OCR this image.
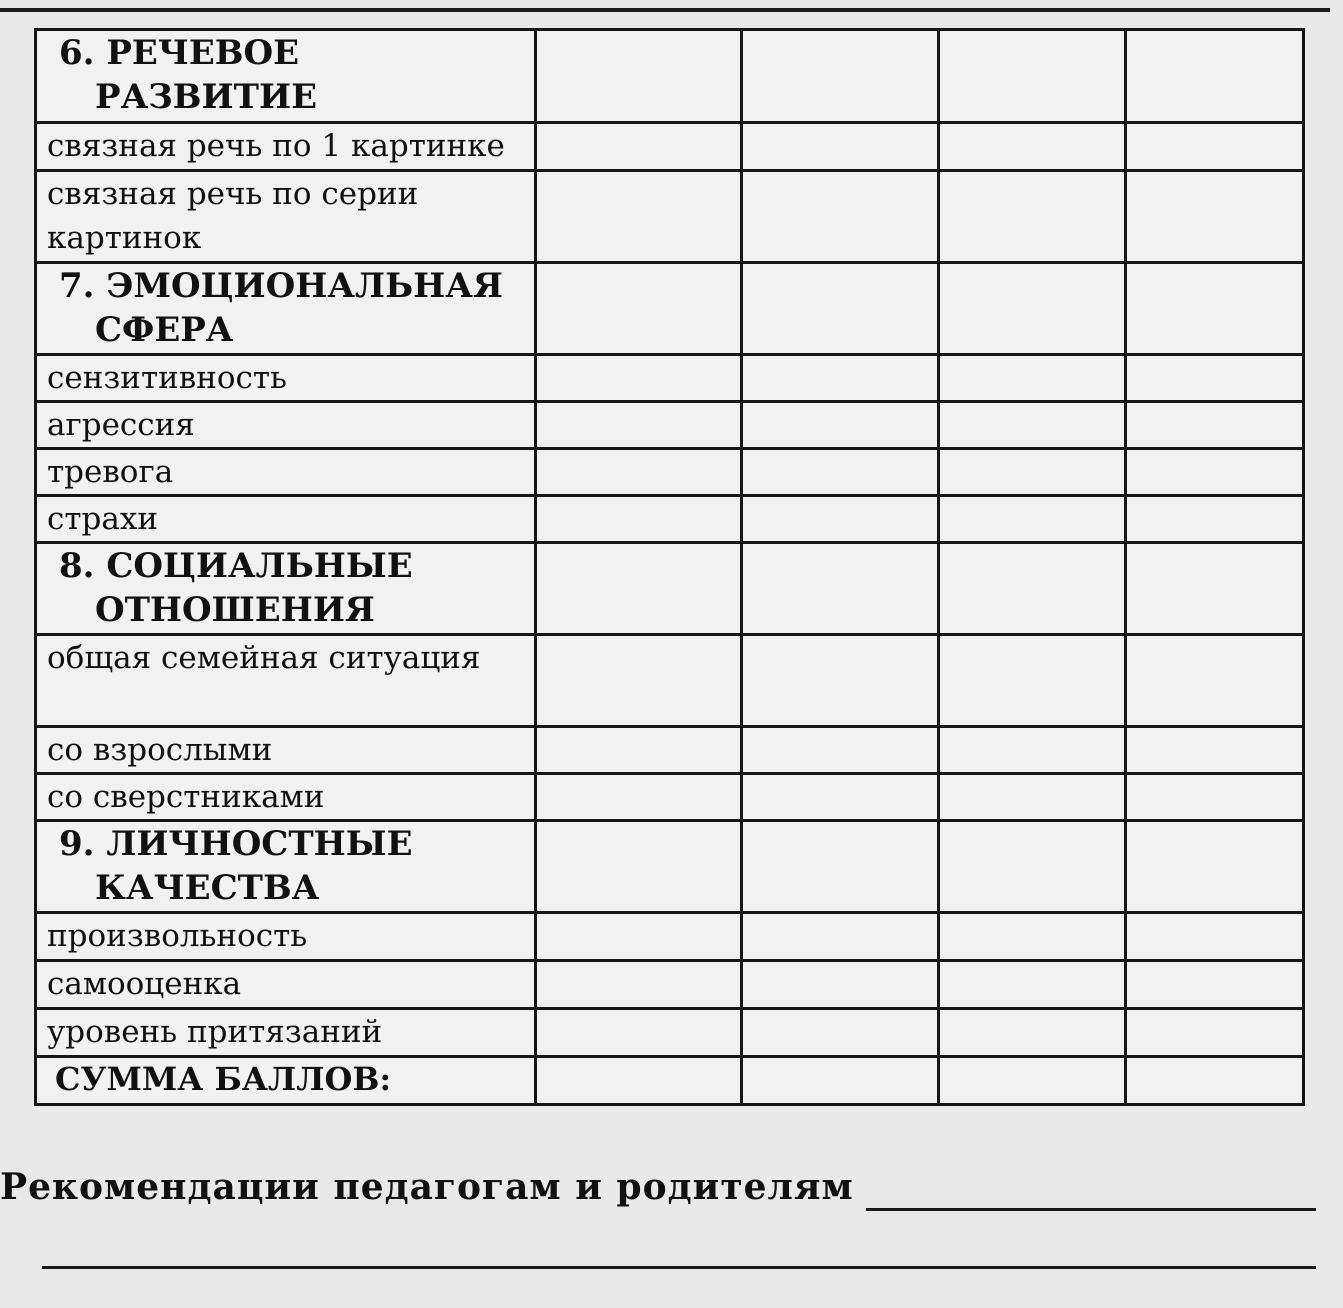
6. РЕЧЕВОЕ
РАЗВИТИЕ				

связная речь по 1 картинке				
связная речь по серии картинок				
7. ЭМОЦИОНАЛЬНАЯ
СФЕРА				

сензитивность				
агрессия				
тревога				
страхи				
8. СОЦИАЛЬНЫЕ
ОТНОШЕНИЯ				

общая семейная ситуация				
со взрослыми				
со сверстниками				
9. ЛИЧНОСТНЫЕ
КАЧЕСТВА				

произвольность				
самооценка				
уровень притязаний				
СУММА БАЛЛОВ:				
Рекомендации педагогам и родителям
